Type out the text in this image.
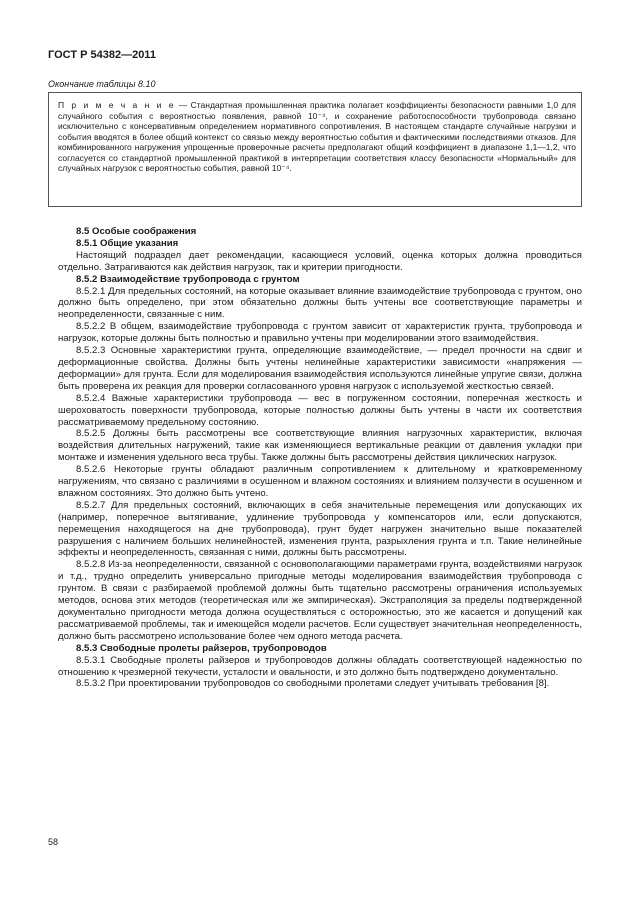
ГОСТ Р 54382—2011
Окончание таблицы 8.10

П р и м е ч а н и е — Стандартная промышленная практика полагает коэффициенты безопасности равными 1,0 для случайного события с вероятностью появления, равной 10⁻⁴, и сохранение работоспособности трубопровода связано исключительно с консервативным определением нормативного сопротивления. В настоящем стандарте случайные нагрузки и события вводятся в более общий контекст со связью между вероятностью события и фактическими последствиями отказов. Для комбинированного нагружения упрощенные проверочные расчеты предполагают общий коэффициент в диапазоне 1,1—1,2, что согласуется со стандартной промышленной практикой в интерпретации соответствия классу безопасности «Нормальный» для случайных нагрузок с вероятностью события, равной 10⁻⁴.

8.5 Особые соображения
8.5.1 Общие указания

Настоящий подраздел дает рекомендации, касающиеся условий, оценка которых должна проводиться отдельно. Затрагиваются как действия нагрузок, так и критерии пригодности.

8.5.2 Взаимодействие трубопровода с грунтом

8.5.2.1 Для предельных состояний, на которые оказывает влияние взаимодействие трубопровода с грунтом, оно должно быть определено, при этом обязательно должны быть учтены все соответствующие параметры и неопределенности, связанные с ним.

8.5.2.2 В общем, взаимодействие трубопровода с грунтом зависит от характеристик грунта, трубопровода и нагрузок, которые должны быть полностью и правильно учтены при моделировании этого взаимодействия.

8.5.2.3 Основные характеристики грунта, определяющие взаимодействие, — предел прочности на сдвиг и деформационные свойства. Должны быть учтены нелинейные характеристики зависимости «напряжения — деформации» для грунта. Если для моделирования взаимодействия используются линейные упругие связи, должна быть проверена их реакция для проверки согласованного уровня нагрузок с используемой жесткостью связей.

8.5.2.4 Важные характеристики трубопровода — вес в погруженном состоянии, поперечная жесткость и шероховатость поверхности трубопровода, которые полностью должны быть учтены в части их соответствия рассматриваемому предельному состоянию.

8.5.2.5 Должны быть рассмотрены все соответствующие влияния нагрузочных характеристик, включая воздействия длительных нагружений, такие как изменяющиеся вертикальные реакции от давления укладки при монтаже и изменения удельного веса трубы. Также должны быть рассмотрены действия циклических нагрузок.

8.5.2.6 Некоторые грунты обладают различным сопротивлением к длительному и кратковременному нагружениям, что связано с различиями в осушенном и влажном состояниях и влиянием ползучести в осушенном и влажном состояниях. Это должно быть учтено.

8.5.2.7 Для предельных состояний, включающих в себя значительные перемещения или допускающих их (например, поперечное вытягивание, удлинение трубопровода у компенсаторов или, если допускаются, перемещения находящегося на дне трубопровода), грунт будет нагружен значительно выше показателей разрушения с наличием больших нелинейностей, изменения грунта, разрыхления грунта и т.п. Такие нелинейные эффекты и неопределенность, связанная с ними, должны быть рассмотрены.

8.5.2.8 Из-за неопределенности, связанной с основополагающими параметрами грунта, воздействиями нагрузок и т.д., трудно определить универсально пригодные методы моделирования взаимодействия трубопровода с грунтом. В связи с разбираемой проблемой должны быть тщательно рассмотрены ограничения используемых методов, основа этих методов (теоретическая или же эмпирическая). Экстраполяция за пределы подтвержденной документально пригодности метода должна осуществляться с осторожностью, это же касается и допущений как рассматриваемой проблемы, так и имеющейся модели расчетов. Если существует значительная неопределенность, должно быть рассмотрено использование более чем одного метода расчета.

8.5.3 Свободные пролеты райзеров, трубопроводов

8.5.3.1 Свободные пролеты райзеров и трубопроводов должны обладать соответствующей надежностью по отношению к чрезмерной текучести, усталости и овальности, и это должно быть подтверждено документально.

8.5.3.2 При проектировании трубопроводов со свободными пролетами следует учитывать требования [8].

58
